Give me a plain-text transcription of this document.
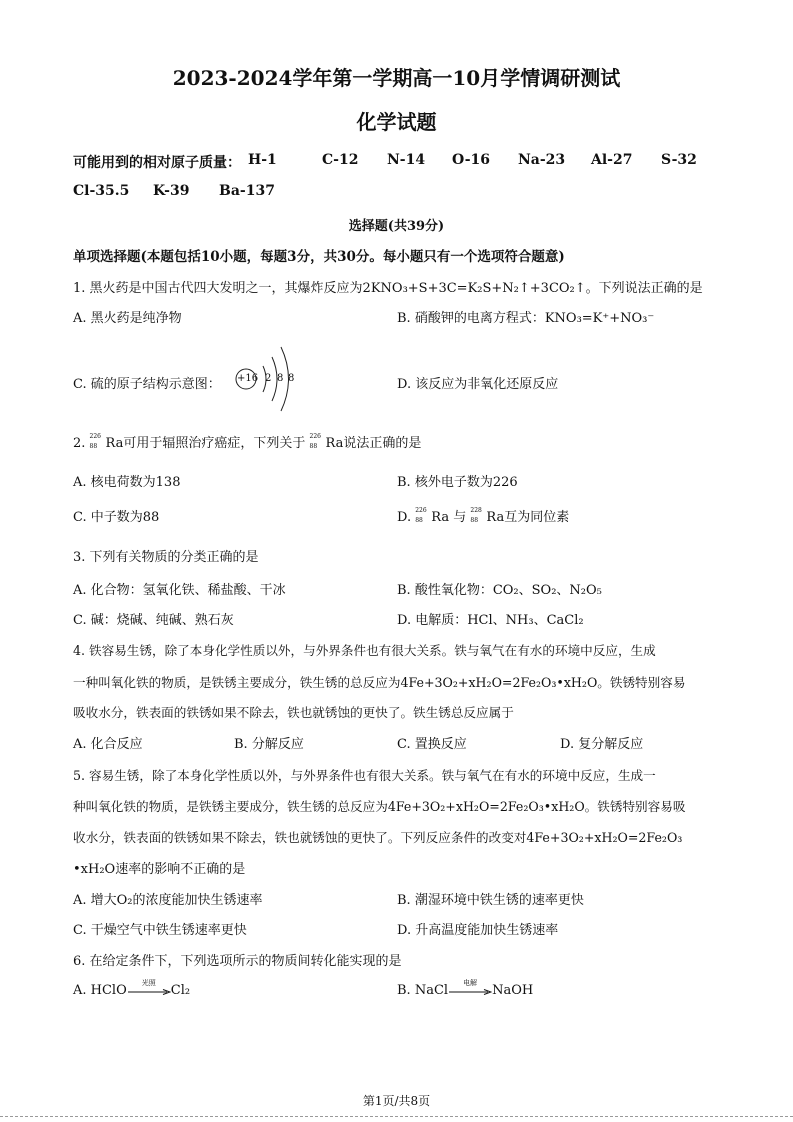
2023-2024学年第一学期高一10月学情调研测试
化学试题
可能用到的相对原子质量： H-1	C-12 N-14 O-16 Na-23 Al-27 S-32
Cl-35.5 K-39 Ba-137
选择题(共39分)
单项选择题(本题包括10小题，每题3分，共30分。每小题只有一个选项符合题意)
1. 黑火药是中国古代四大发明之一，其爆炸反应为2KNO₃+S+3C=K₂S+N₂↑+3CO₂↑。下列说法正确的是
A. 黑火药是纯净物	B. 硝酸钾的电离方程式：KNO₃=K⁺+NO₃⁻
C. 硫的原子结构示意图： +16 2 8 8	D. 该反应为非氧化还原反应
2. 226
88 Ra可用于辐照治疗癌症，下列关于 226
88 Ra说法正确的是
A. 核电荷数为138	B. 核外电子数为226
C. 中子数为88	D. 226
88 Ra 与 228
88 Ra互为同位素
3. 下列有关物质的分类正确的是
A. 化合物：氢氧化铁、稀盐酸、干冰	B. 酸性氧化物：CO₂、SO₂、N₂O₅
C. 碱：烧碱、纯碱、熟石灰	D. 电解质：HCl、NH₃、CaCl₂
4. 铁容易生锈，除了本身化学性质以外，与外界条件也有很大关系。铁与氧气在有水的环境中反应，生成
一种叫氧化铁的物质，是铁锈主要成分，铁生锈的总反应为4Fe+3O₂+xH₂O=2Fe₂O₃•xH₂O。铁锈特别容易
吸收水分，铁表面的铁锈如果不除去，铁也就锈蚀的更快了。铁生锈总反应属于
A. 化合反应	B. 分解反应	C. 置换反应	D. 复分解反应
5. 容易生锈，除了本身化学性质以外，与外界条件也有很大关系。铁与氧气在有水的环境中反应，生成一
种叫氧化铁的物质，是铁锈主要成分，铁生锈的总反应为4Fe+3O₂+xH₂O=2Fe₂O₃•xH₂O。铁锈特别容易吸
收水分，铁表面的铁锈如果不除去，铁也就锈蚀的更快了。下列反应条件的改变对4Fe+3O₂+xH₂O=2Fe₂O₃
•xH₂O速率的影响不正确的是
A. 增大O₂的浓度能加快生锈速率	B. 潮湿环境中铁生锈的速率更快
C. 干燥空气中铁生锈速率更快	D. 升高温度能加快生锈速率
6. 在给定条件下，下列选项所示的物质间转化能实现的是
A. HClO
光照
Cl₂	B. NaCl
电解
NaOH
第1页/共8页
